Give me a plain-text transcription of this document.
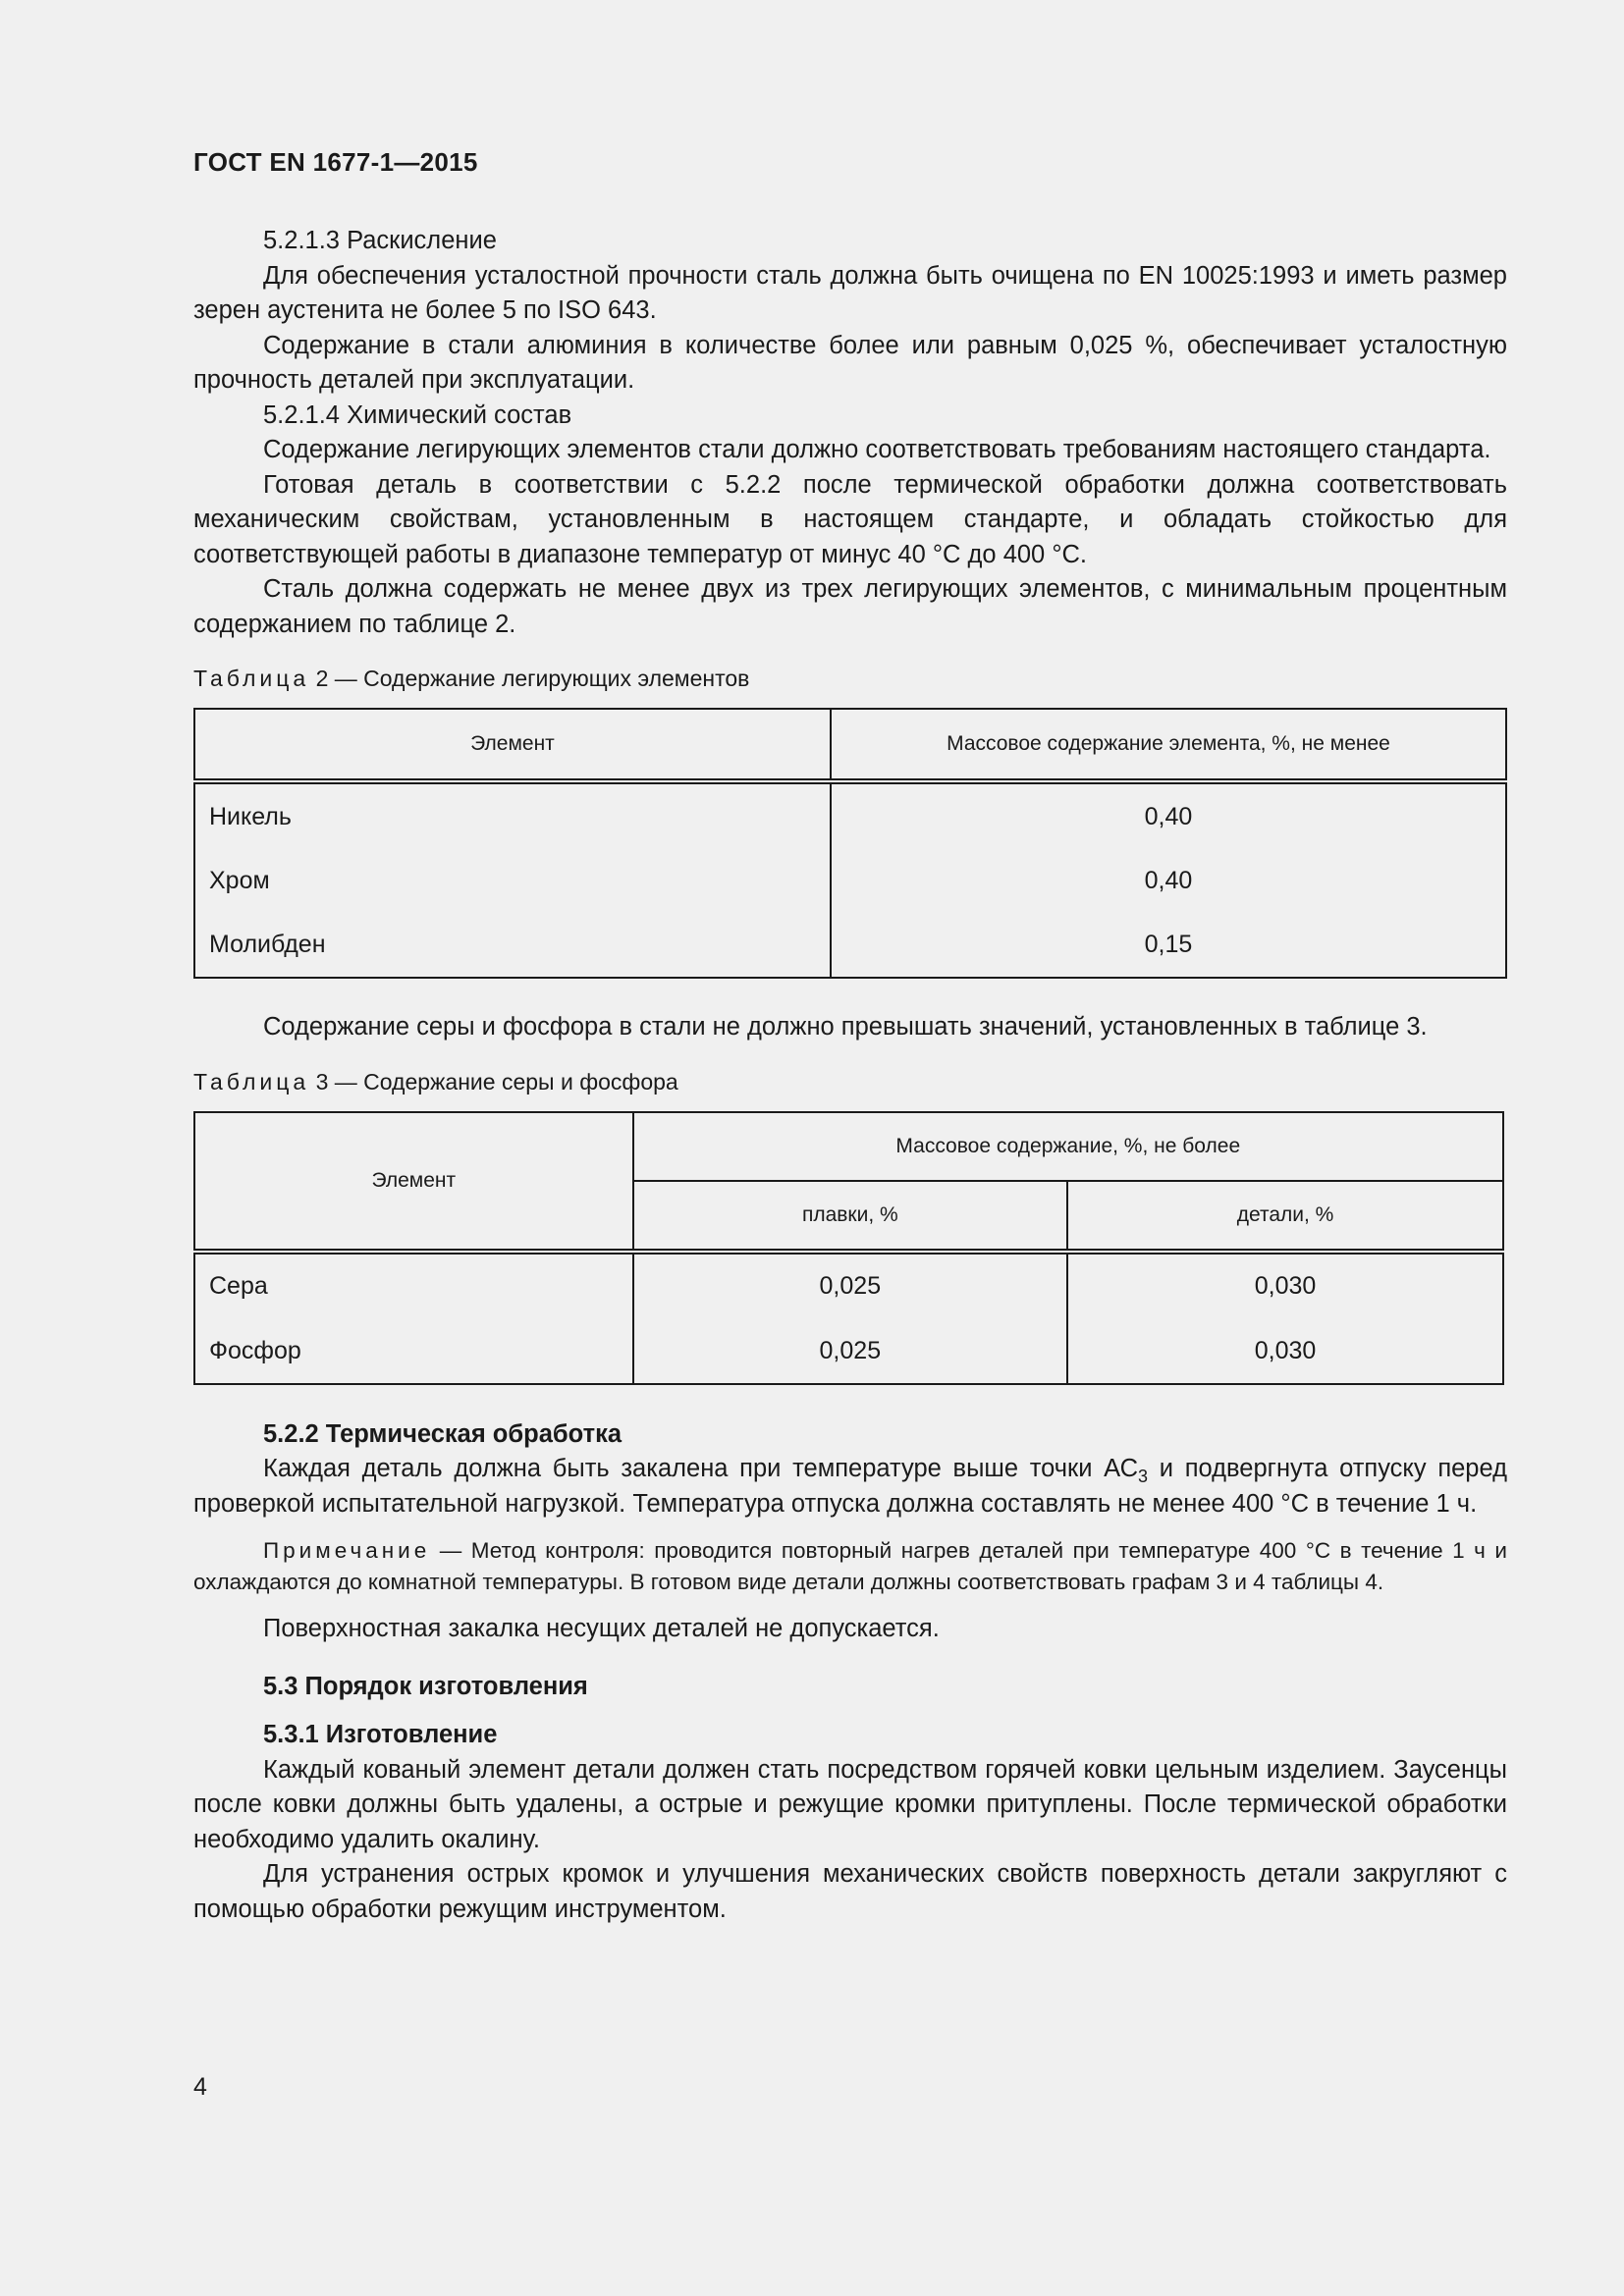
ГОСТ EN 1677-1—2015

5.2.1.3 Раскисление

Для обеспечения усталостной прочности сталь должна быть очищена по EN 10025:1993 и иметь размер зерен аустенита не более 5 по ISO 643.

Содержание в стали алюминия в количестве более или равным 0,025 %, обеспечивает усталостную прочность деталей при эксплуатации.

5.2.1.4 Химический состав

Содержание легирующих элементов стали должно соответствовать требованиям настоящего стандарта.

Готовая деталь в соответствии с 5.2.2 после термической обработки должна соответствовать механическим свойствам, установленным в настоящем стандарте, и обладать стойкостью для соответствующей работы в диапазоне температур от минус 40 °С до 400 °С.

Сталь должна содержать не менее двух из трех легирующих элементов, с минимальным процентным содержанием по таблице 2.

Таблица 2 — Содержание легирующих элементов

Элемент	Массовое содержание элемента, %, не менее
Никель	0,40
Хром	0,40
Молибден	0,15

Содержание серы и фосфора в стали не должно превышать значений, установленных в таблице 3.

Таблица 3 — Содержание серы и фосфора

Элемент	Массовое содержание, %, не более	
	плавки, %	детали, %
Сера	0,025	0,030
Фосфор	0,025	0,030

5.2.2 Термическая обработка

Каждая деталь должна быть закалена при температуре выше точки $АС_3$ и подвергнута отпуску перед проверкой испытательной нагрузкой. Температура отпуска должна составлять не менее 400 °С в течение 1 ч.

Примечание — Метод контроля: проводится повторный нагрев деталей при температуре 400 °С в течение 1 ч и охлаждаются до комнатной температуры. В готовом виде детали должны соответствовать графам 3 и 4 таблицы 4.

Поверхностная закалка несущих деталей не допускается.

5.3 Порядок изготовления

5.3.1 Изготовление

Каждый кованый элемент детали должен стать посредством горячей ковки цельным изделием. Заусенцы после ковки должны быть удалены, а острые и режущие кромки притуплены. После термической обработки необходимо удалить окалину.

Для устранения острых кромок и улучшения механических свойств поверхность детали закругляют с помощью обработки режущим инструментом.

4
